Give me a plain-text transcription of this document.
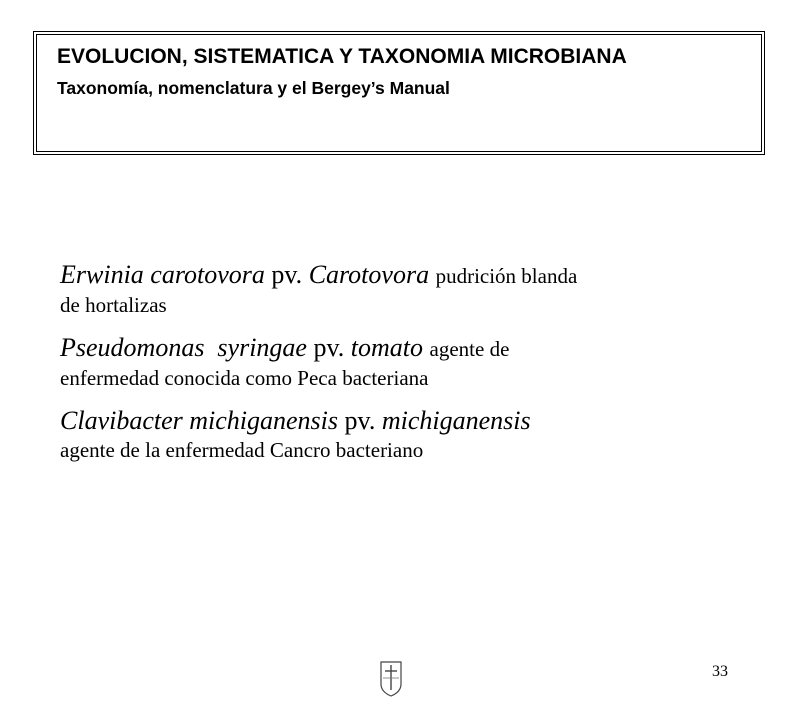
EVOLUCION, SISTEMATICA Y TAXONOMIA MICROBIANA

Taxonomía, nomenclatura y el Bergey’s Manual

Erwinia carotovora pv. Carotovora pudrición blanda
de hortalizas
Pseudomonas  syringae pv. tomato agente de
enfermedad conocida como Peca bacteriana
Clavibacter michiganensis pv. michiganensis
agente de la enfermedad Cancro bacteriano
33
